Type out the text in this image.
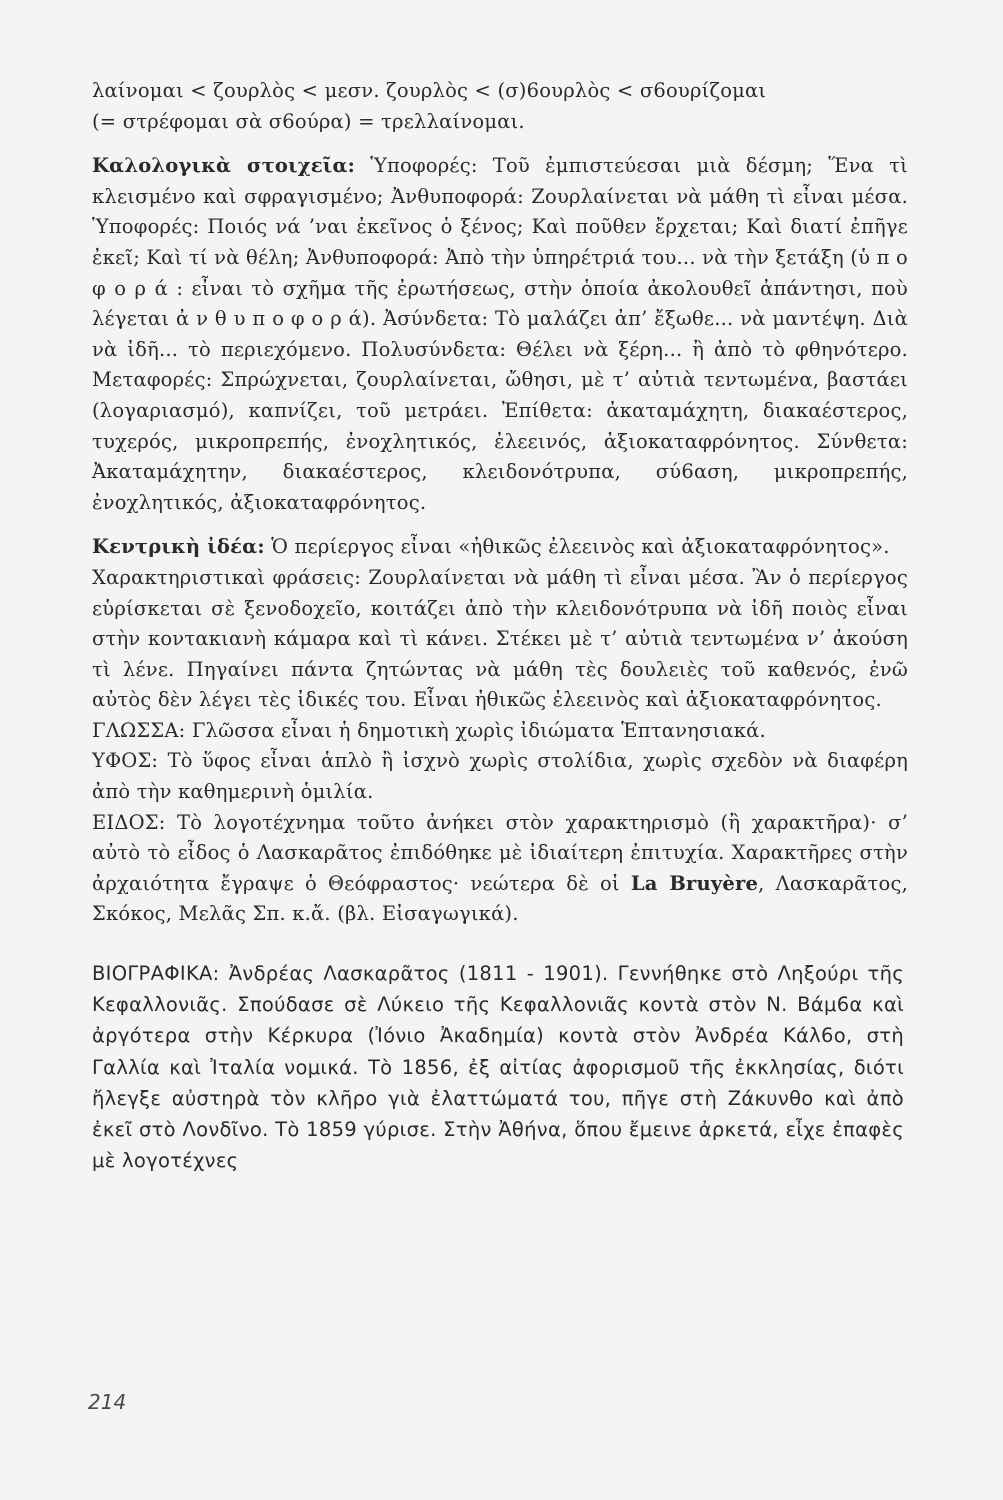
λαίνομαι < ζουρλὸς < μεσν. ζουρλὸς < (σ)6ουρλὸς < σ6ουρίζομαι

(= στρέφομαι σὰ σ6ούρα) = τρελλαίνομαι.

Καλολογικὰ στοιχεῖα: Ὑποφορές: Τοῦ ἐμπιστεύεσαι μιὰ δέσμη; Ἕνα τὶ κλεισμένο καὶ σφραγισμένο; Ἀνθυποφορά: Ζουρλαίνεται νὰ μάθη τὶ εἶναι μέσα. Ὑποφορές: Ποιός νά ’ναι ἐκεῖνος ὁ ξένος; Καὶ ποῦθεν ἔρχεται; Καὶ διατί ἐπῆγε ἐκεῖ; Καὶ τί νὰ θέλη; Ἀνθυποφορά: Ἀπὸ τὴν ὑπηρέτριά του... νὰ τὴν ξετάξη (ὑ π ο φ ο ρ ά : εἶναι τὸ σχῆμα τῆς ἐρωτήσεως, στὴν ὁποία ἀκολουθεῖ ἀπάντησι, ποὺ λέγεται ἀ ν θ υ π ο φ ο ρ ά). Ἀσύνδετα: Τὸ μαλάζει ἀπ’ ἔξωθε... νὰ μαντέψη. Διὰ νὰ ἰδῆ... τὸ περιεχόμενο. Πολυσύνδετα: Θέλει νὰ ξέρη... ἢ ἀπὸ τὸ φθηνότερο. Μεταφορές: Σπρώχνεται, ζουρλαίνεται, ὤθησι, μὲ τ’ αὐτιὰ τεντωμένα, βαστάει (λογαριασμό), καπνίζει, τοῦ μετράει. Ἐπίθετα: ἀκαταμάχητη, διακαέστερος, τυχερός, μικροπρεπής, ἐνοχλητικός, ἐλεεινός, ἀξιοκαταφρόνητος. Σύνθετα: Ἀκαταμάχητην, διακαέστερος, κλειδονότρυπα, σύ6αση, μικροπρεπής, ἐνοχλητικός, ἀξιοκαταφρόνητος.

Κεντρικὴ ἰδέα: Ὁ περίεργος εἶναι «ἠθικῶς ἐλεεινὸς καὶ ἀξιοκαταφρόνητος».

Χαρακτηριστικαὶ φράσεις: Ζουρλαίνεται νὰ μάθη τὶ εἶναι μέσα. Ἂν ὁ περίεργος εὑρίσκεται σὲ ξενοδοχεῖο, κοιτάζει ἀπὸ τὴν κλειδονότρυπα νὰ ἰδῆ ποιὸς εἶναι στὴν κοντακιανὴ κάμαρα καὶ τὶ κάνει. Στέκει μὲ τ’ αὐτιὰ τεντωμένα ν’ ἀκούση τὶ λένε. Πηγαίνει πάντα ζητώντας νὰ μάθη τὲς δουλειὲς τοῦ καθενός, ἐνῶ αὐτὸς δὲν λέγει τὲς ἰδικές του. Εἶναι ἠθικῶς ἐλεεινὸς καὶ ἀξιοκαταφρόνητος.

ΓΛΩΣΣΑ: Γλῶσσα εἶναι ἡ δημοτικὴ χωρὶς ἰδιώματα Ἑπτανησιακά.

ΥΦΟΣ: Τὸ ὕφος εἶναι ἁπλὸ ἢ ἰσχνὸ χωρὶς στολίδια, χωρὶς σχεδὸν νὰ διαφέρη ἀπὸ τὴν καθημερινὴ ὁμιλία.

ΕΙΔΟΣ: Τὸ λογοτέχνημα τοῦτο ἀνήκει στὸν χαρακτηρισμὸ (ἢ χαρακτῆρα)· σ’ αὐτὸ τὸ εἶδος ὁ Λασκαρᾶτος ἐπιδόθηκε μὲ ἰδιαίτερη ἐπιτυχία. Χαρακτῆρες στὴν ἀρχαιότητα ἔγραψε ὁ Θεόφραστος· νεώτερα δὲ οἱ La Bruyère, Λασκαρᾶτος, Σκόκος, Μελᾶς Σπ. κ.ἄ. (βλ. Εἰσαγωγικά).

ΒΙΟΓΡΑΦΙΚΑ: Ἀνδρέας Λασκαρᾶτος (1811 - 1901). Γεννήθηκε στὸ Ληξούρι τῆς Κεφαλλονιᾶς. Σπούδασε σὲ Λύκειο τῆς Κεφαλλονιᾶς κοντὰ στὸν Ν. Βάμ6α καὶ ἀργότερα στὴν Κέρκυρα (Ἰόνιο Ἀκαδημία) κοντὰ στὸν Ἀνδρέα Κάλ6ο, στὴ Γαλλία καὶ Ἰταλία νομικά. Τὸ 1856, ἐξ αἰτίας ἀφορισμοῦ τῆς ἐκκλησίας, διότι ἤλεγξε αὐστηρὰ τὸν κλῆρο γιὰ ἐλαττώματά του, πῆγε στὴ Ζάκυνθο καὶ ἀπὸ ἐκεῖ στὸ Λονδῖνο. Τὸ 1859 γύρισε. Στὴν Ἀθήνα, ὅπου ἔμεινε ἀρκετά, εἶχε ἐπαφὲς μὲ λογοτέχνες

214
